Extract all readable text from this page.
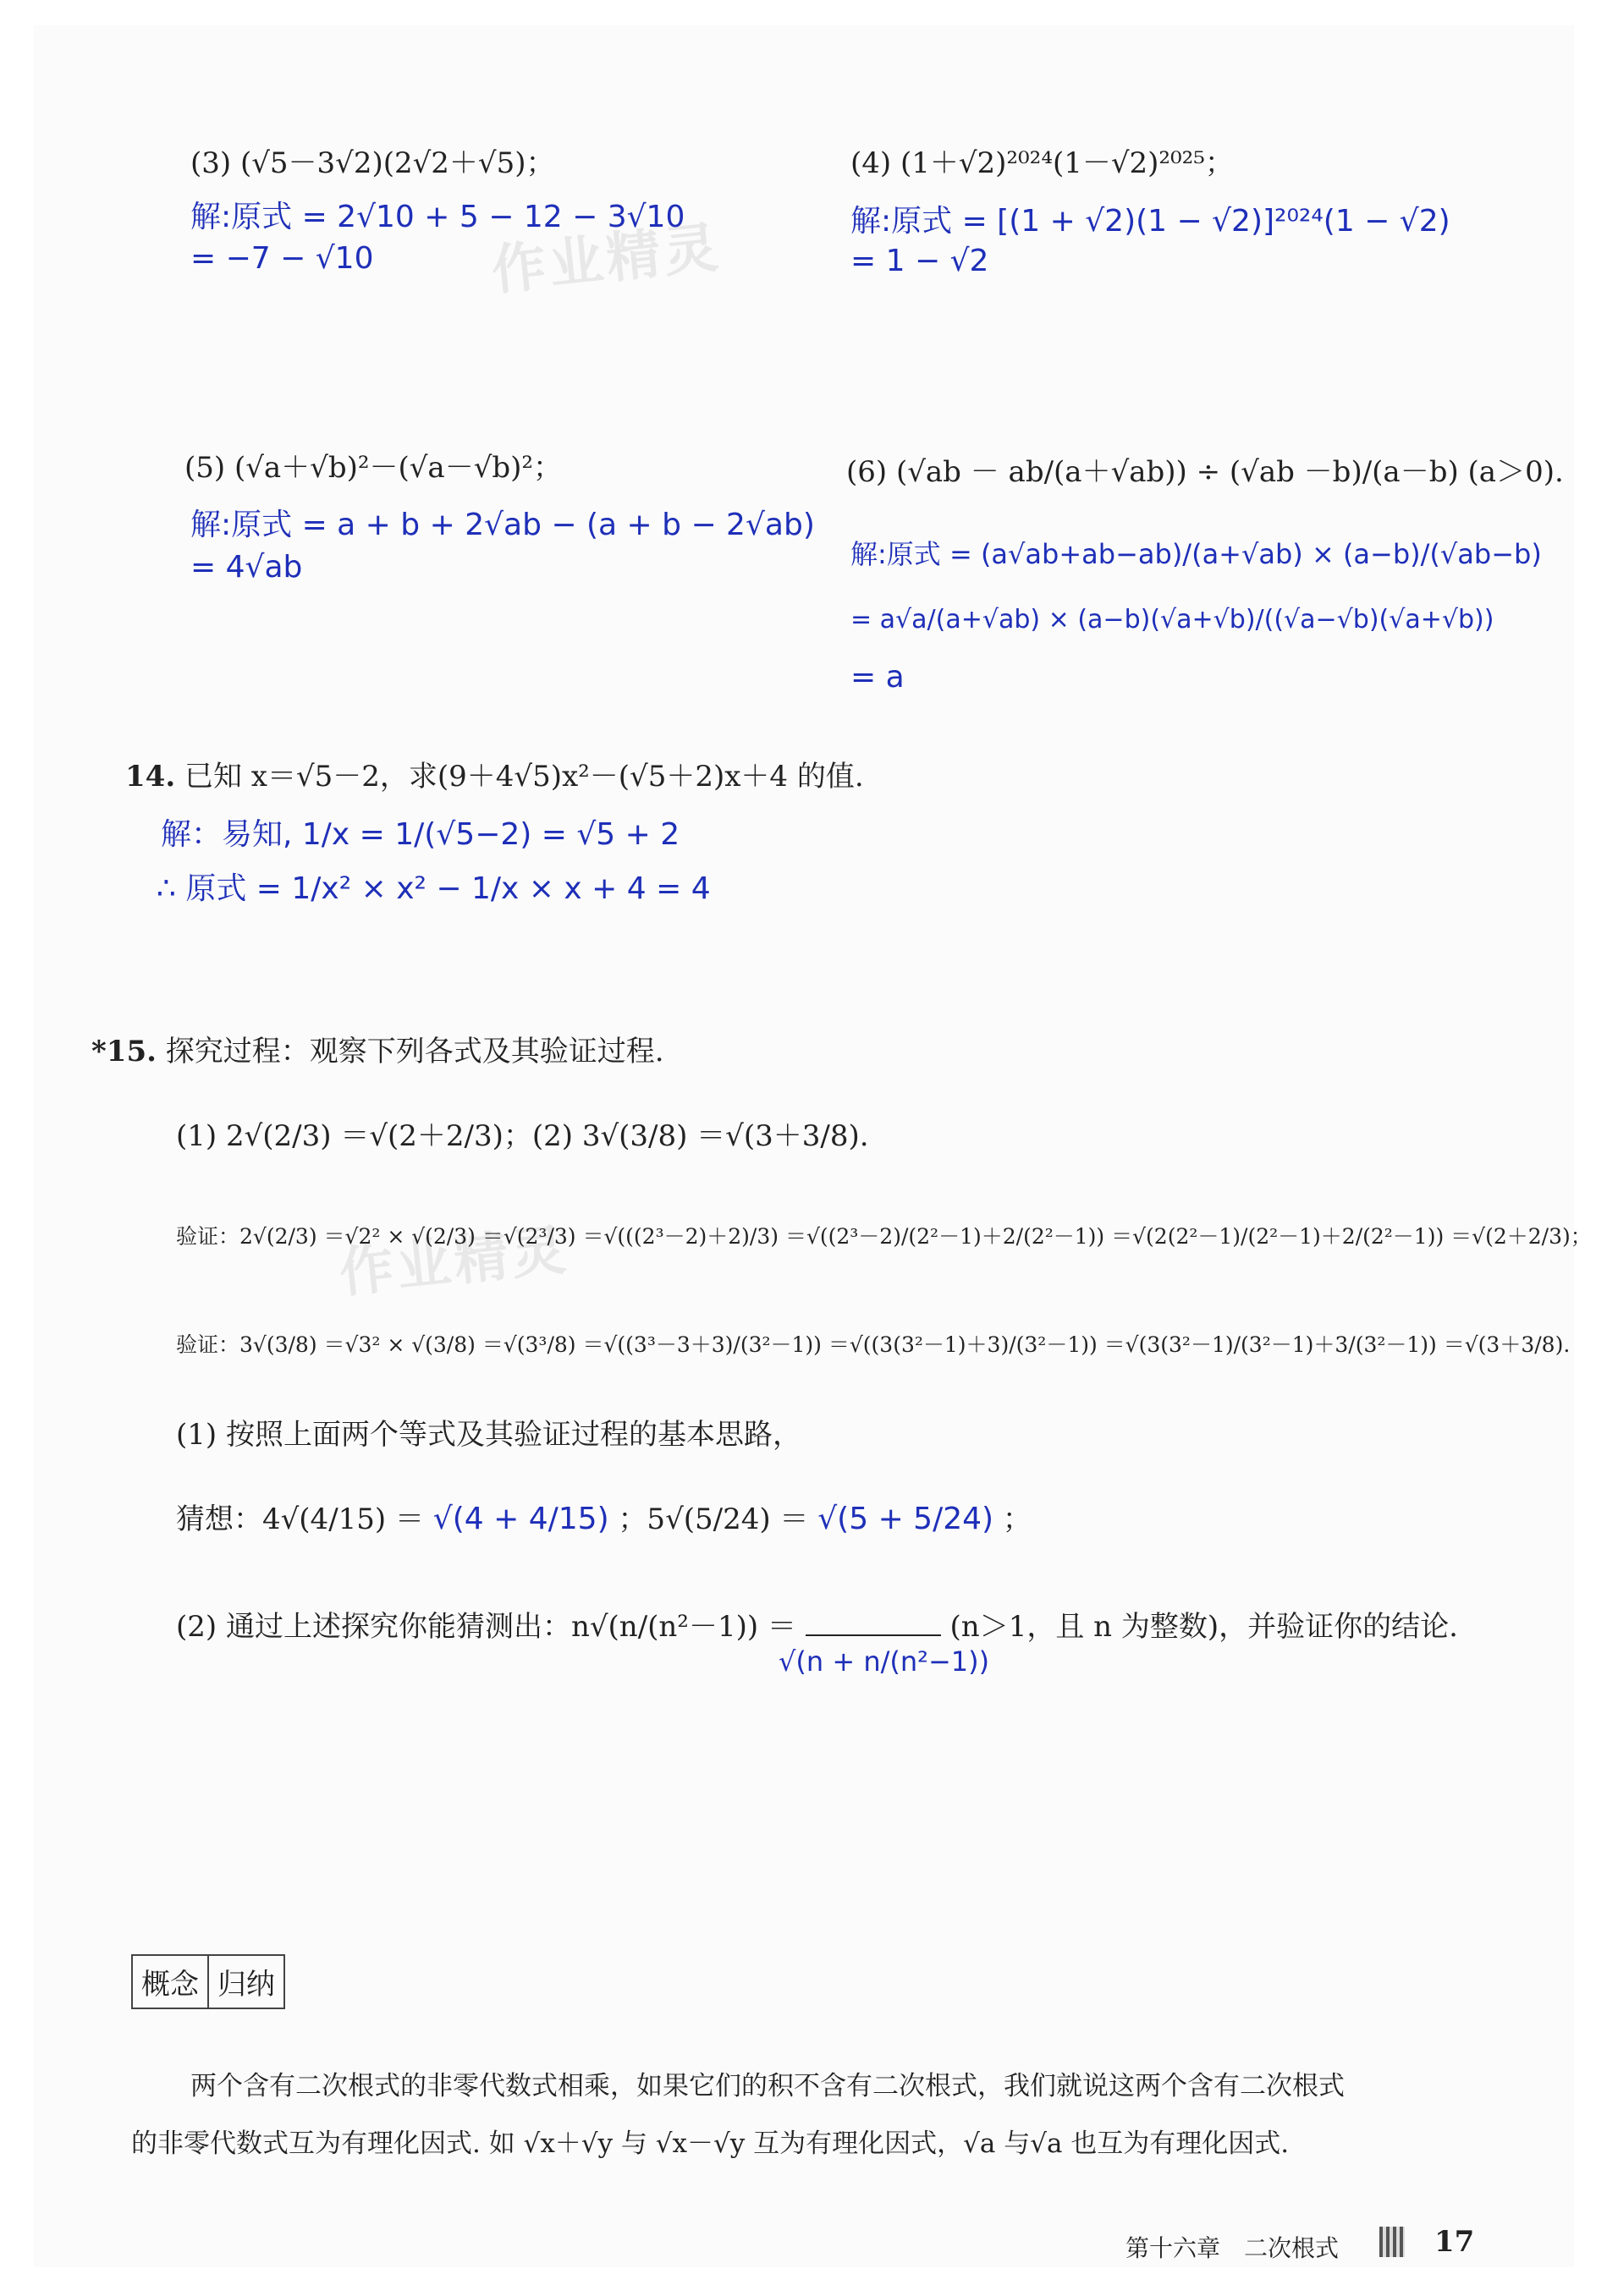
作业精灵
作业精灵
(3) (√5－3√2)(2√2＋√5)；
解:原式 = 2√10 + 5 − 12 − 3√10
= −7 − √10
(4) (1＋√2)²⁰²⁴(1－√2)²⁰²⁵；
解:原式 = [(1 + √2)(1 − √2)]²⁰²⁴(1 − √2)
= 1 − √2
(5) (√a＋√b)²－(√a－√b)²；
解:原式 = a + b + 2√ab − (a + b − 2√ab)
= 4√ab
(6) (√ab － ab/(a＋√ab)) ÷ (√ab －b)/(a－b) (a＞0).
解:原式 = (a√ab+ab−ab)/(a+√ab) × (a−b)/(√ab−b)
= a√a/(a+√ab) × (a−b)(√a+√b)/((√a−√b)(√a+√b))
= a
14. 已知 x＝√5－2，求(9＋4√5)x²－(√5＋2)x＋4 的值.
解：易知, 1/x = 1/(√5−2) = √5 + 2
∴ 原式 = 1/x² × x² − 1/x × x + 4 = 4
*15. 探究过程：观察下列各式及其验证过程.
(1) 2√(2/3) ＝√(2＋2/3)；(2) 3√(3/8) ＝√(3＋3/8).
验证：2√(2/3) ＝√2² × √(2/3) ＝√(2³/3) ＝√(((2³－2)＋2)/3) ＝√((2³－2)/(2²－1)＋2/(2²－1)) ＝√(2(2²－1)/(2²－1)＋2/(2²－1)) ＝√(2＋2/3)；
验证：3√(3/8) ＝√3² × √(3/8) ＝√(3³/8) ＝√((3³－3＋3)/(3²－1)) ＝√((3(3²－1)＋3)/(3²－1)) ＝√(3(3²－1)/(3²－1)＋3/(3²－1)) ＝√(3＋3/8).
(1) 按照上面两个等式及其验证过程的基本思路，
猜想：4√(4/15) ＝ √(4 + 4/15) ；5√(5/24) ＝ √(5 + 5/24) ；
(2) 通过上述探究你能猜测出：n√(n/(n²－1)) ＝	(n＞1，且 n 为整数)，并验证你的结论.
√(n + n/(n²−1))
概念 归纳
两个含有二次根式的非零代数式相乘，如果它们的积不含有二次根式，我们就说这两个含有二次根式
的非零代数式互为有理化因式. 如 √x＋√y 与 √x－√y 互为有理化因式，√a 与√a 也互为有理化因式.
第十六章　二次根式	17
